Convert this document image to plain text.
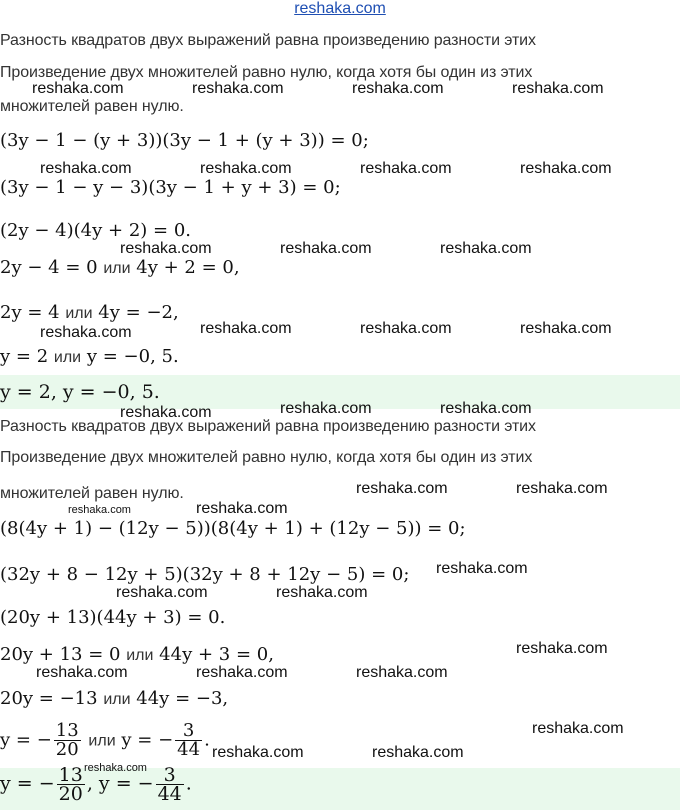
reshaka.com
Разность квадратов двух выражений равна произведению разности этих
Произведение двух множителей равно нулю, когда хотя бы один из этих
множителей равен нулю.
(3y − 1 − (y + 3))(3y − 1 + (y + 3)) = 0;
(3y − 1 − y − 3)(3y − 1 + y + 3) = 0;
(2y − 4)(4y + 2) = 0.
2y − 4 = 0 или 4y + 2 = 0,
2y = 4 или 4y = −2,
y = 2 или y = −0, 5.
y = 2, y = −0, 5.
Разность квадратов двух выражений равна произведению разности этих
Произведение двух множителей равно нулю, когда хотя бы один из этих
множителей равен нулю.
(8(4y + 1) − (12y − 5))(8(4y + 1) + (12y − 5)) = 0;
(32y + 8 − 12y + 5)(32y + 8 + 12y − 5) = 0;
(20y + 13)(44y + 3) = 0.
20y + 13 = 0 или 44y + 3 = 0,
20y = −13 или 44y = −3,
y = − $\frac{13}{20}$ или y = − $\frac{3}{44}$ .
y = − $\frac{13}{20}$ , y = − $\frac{3}{44}$ .
reshaka.com	reshaka.com	reshaka.com	reshaka.com
reshaka.com	reshaka.com	reshaka.com	reshaka.com
reshaka.com	reshaka.com	reshaka.com
reshaka.com	reshaka.com	reshaka.com	reshaka.com
reshaka.com	reshaka.com	reshaka.com
reshaka.com	reshaka.com
reshaka.com	reshaka.com
reshaka.com
reshaka.com	reshaka.com
reshaka.com
reshaka.com	reshaka.com	reshaka.com
reshaka.com
reshaka.com	reshaka.com
reshaka.com
